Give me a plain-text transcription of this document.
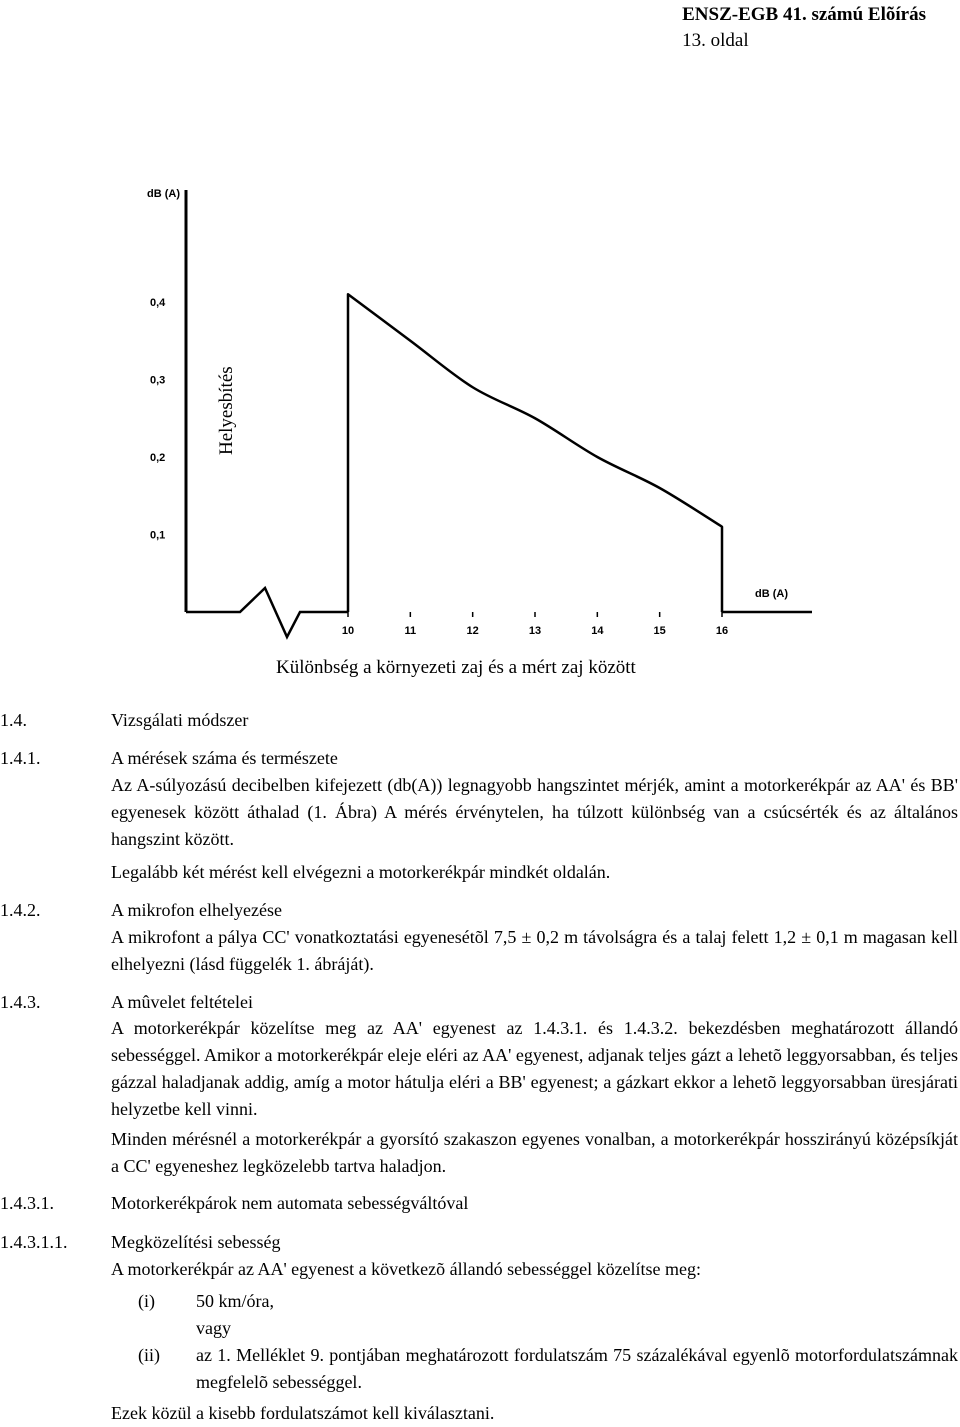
ENSZ-EGB 41. számú Elõírás
13. oldal
0,1
0,2
0,3
0,4
10	11	12	13	14	15	16
dB (A)
Helyesbítés
dB (A)
Különbség a környezeti zaj és a mért zaj között
1.4.	Vizsgálati módszer
1.4.1.	A mérések száma és természete

Az A-súlyozású decibelben kifejezett (db(A)) legnagyobb hangszintet mérjék, amint a motorkerékpár az AA' és BB' egyenesek között áthalad (1. Ábra) A mérés érvénytelen, ha túlzott különbség van a csúcsérték és az általános hangszint között.

Legalább két mérést kell elvégezni a motorkerékpár mindkét oldalán.
1.4.2.	A mikrofon elhelyezése

A mikrofont a pálya CC' vonatkoztatási egyenesétõl 7,5 ± 0,2 m távolságra és a talaj felett 1,2 ± 0,1 m magasan kell elhelyezni (lásd függelék 1. ábráját).

1.4.3.	A mûvelet feltételei

A motorkerékpár közelítse meg az AA' egyenest az 1.4.3.1. és 1.4.3.2. bekezdésben meghatározott állandó sebességgel. Amikor a motorkerékpár eleje eléri az AA' egyenest, adjanak teljes gázt a lehetõ leggyorsabban, és teljes gázzal haladjanak addig, amíg a motor hátulja eléri a BB' egyenest; a gázkart ekkor a lehetõ leggyorsabban üresjárati helyzetbe kell vinni.

Minden mérésnél a motorkerékpár a gyorsító szakaszon egyenes vonalban, a motorkerékpár hosszirányú középsíkját a CC' egyeneshez legközelebb tartva haladjon.

1.4.3.1.	Motorkerékpárok nem automata sebességváltóval
1.4.3.1.1. Megközelítési sebesség
A motorkerékpár az AA' egyenest a következõ állandó sebességgel közelítse meg:
(i) 50 km/óra,
vagy
(ii) az 1. Melléklet 9. pontjában meghatározott fordulatszám 75 százalékával egyenlõ motorfordulatszámnak megfelelõ sebességgel.

Ezek közül a kisebb fordulatszámot kell kiválasztani.
